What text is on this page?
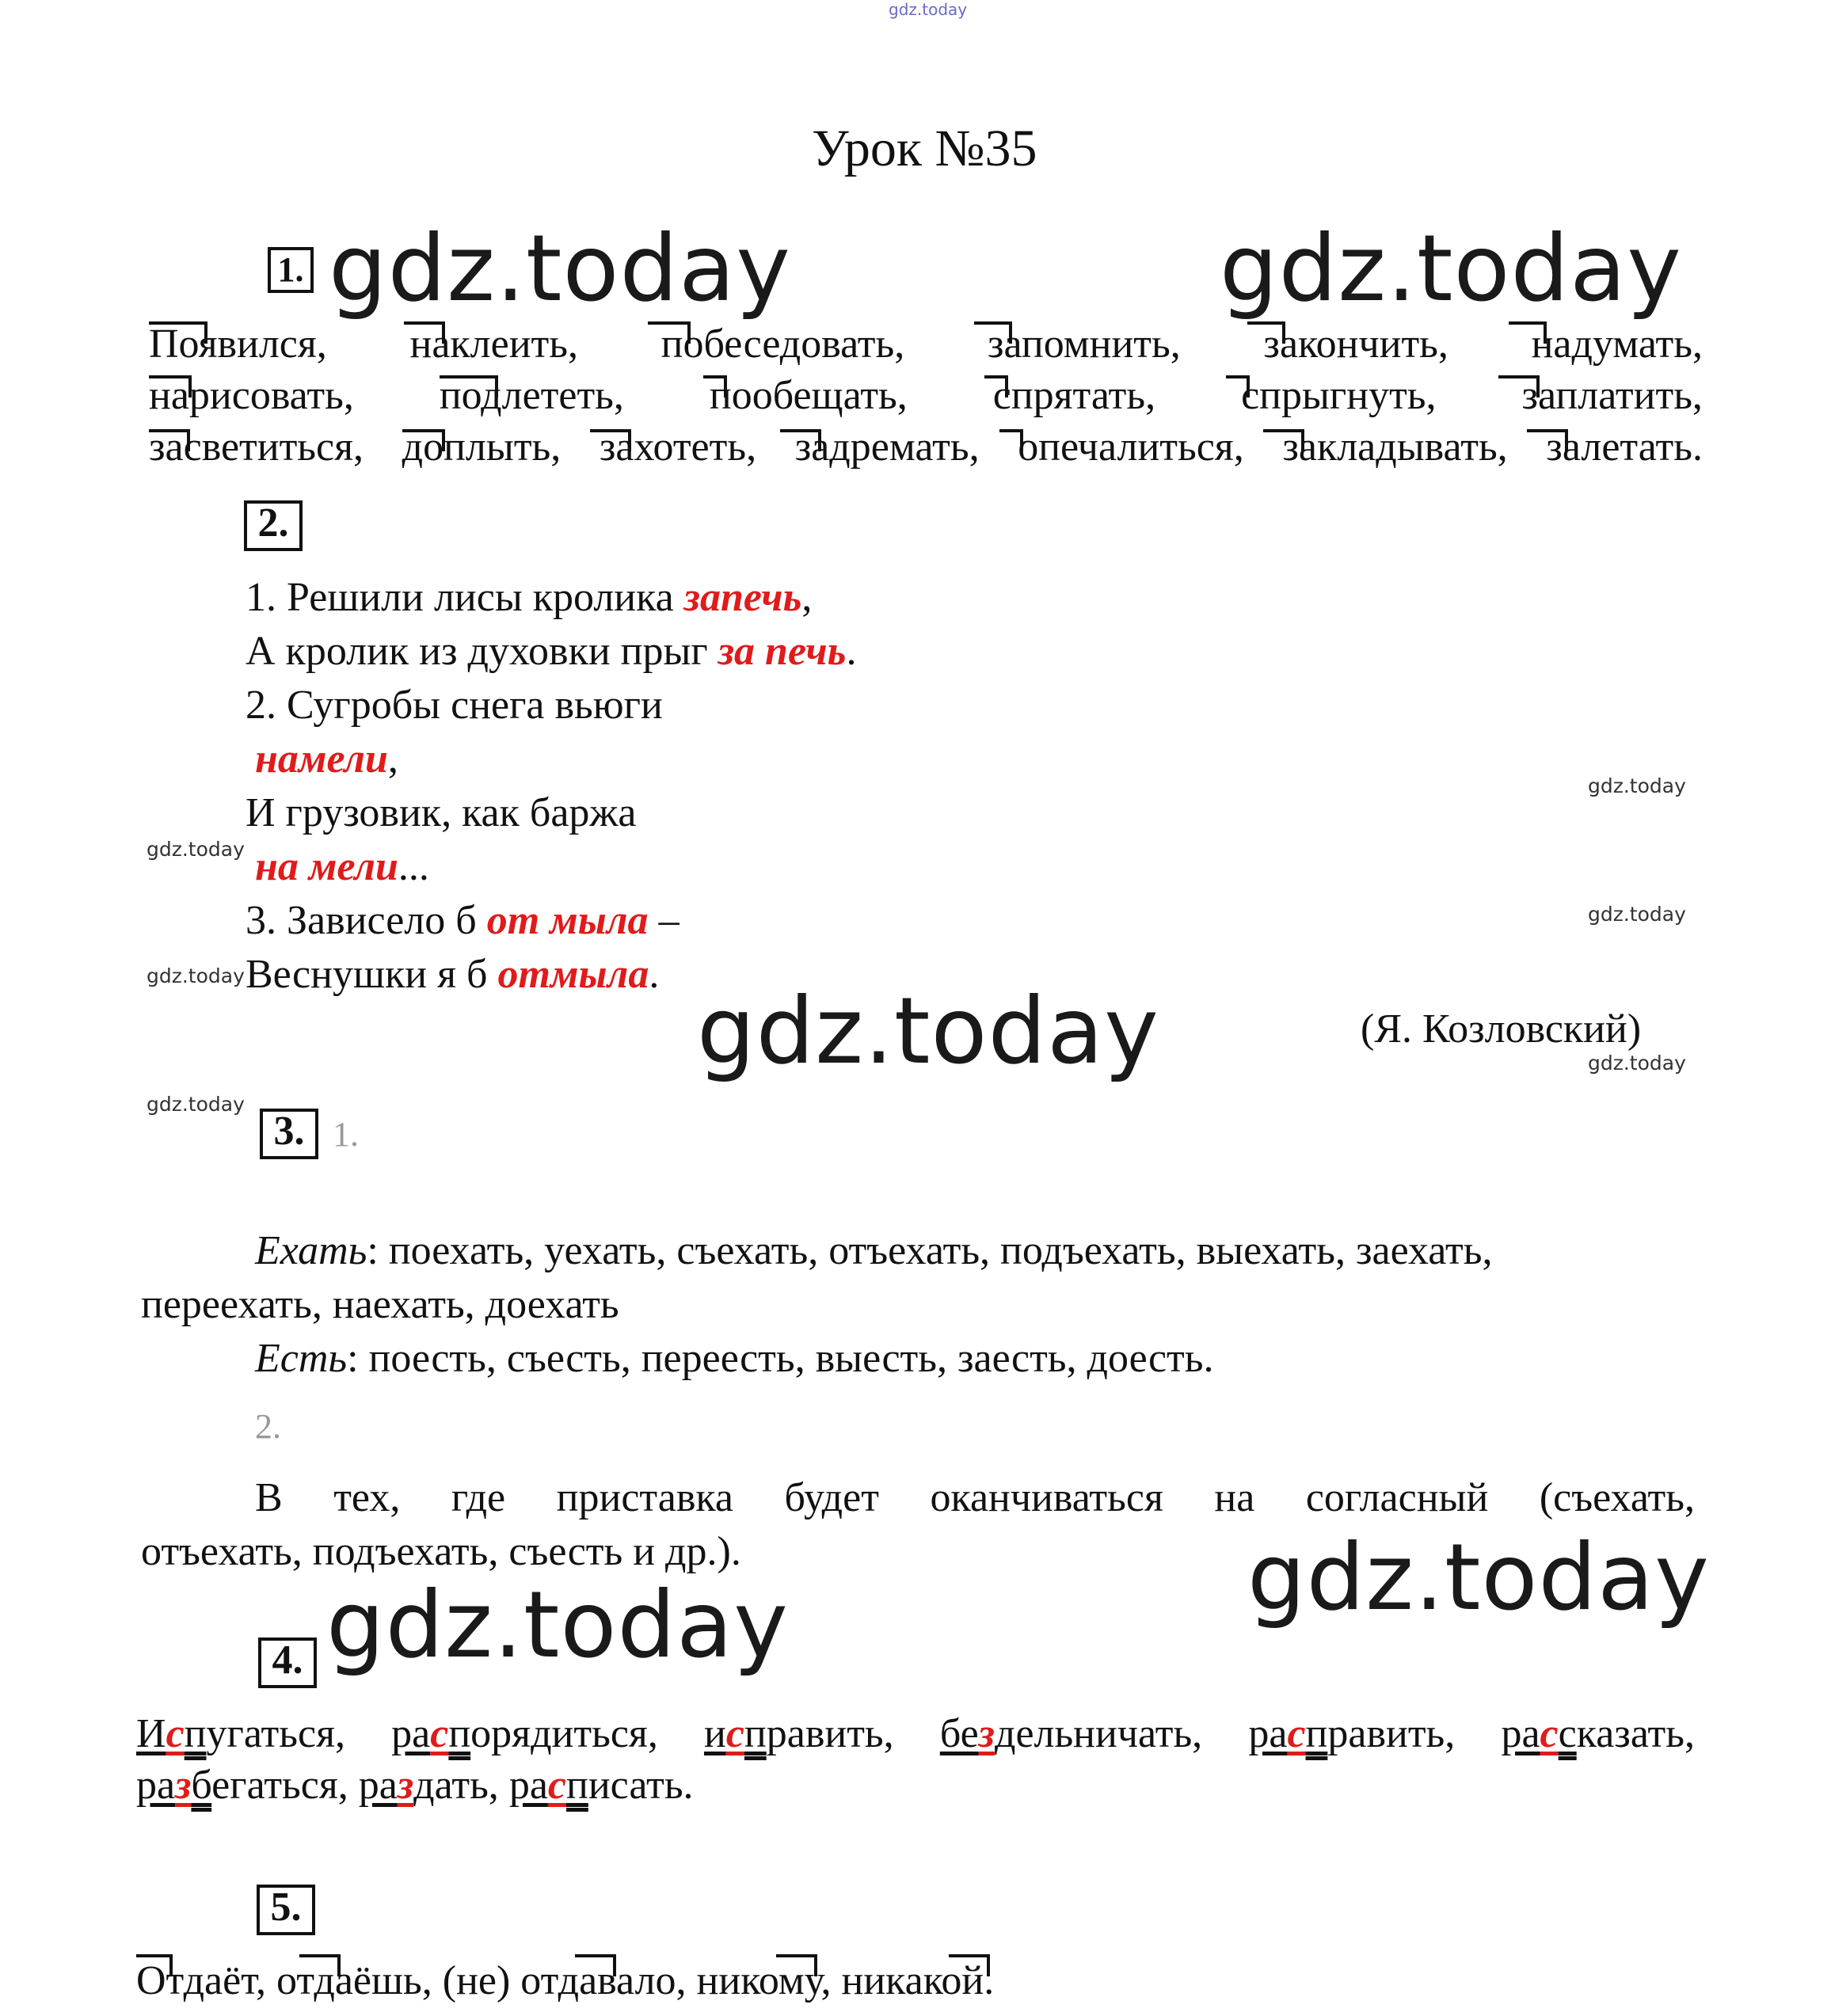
gdz.today
Урок №35
gdz.today	gdz.today
gdz.today
gdz.today
gdz.today
gdz.today
gdz.today
gdz.today
gdz.today
gdz.today
gdz.today
1.
Появился, наклеить, побеседовать, запомнить, закончить, надумать,
нарисовать, подлететь, пообещать, спрятать, спрыгнуть, заплатить,
засветиться, доплыть, захотеть, задремать, опечалиться, закладывать, залетать.
2.
1. Решили лисы кролика запечь,
А кролик из духовки прыг за печь.
2. Сугробы снега вьюги
намели,
И грузовик, как баржа
на мели...
3. Зависело б от мыла –
Веснушки я б отмыла.
(Я. Козловский)
3. 1.
Ехать: поехать, уехать, съехать, отъехать, подъехать, выехать, заехать,
переехать, наехать, доехать
Есть: поесть, съесть, переесть, выесть, заесть, доесть.
2.
В тех, где приставка будет оканчиваться на согласный (съехать,
отъехать, подъехать, съесть и др.).
4.
Испугаться, распорядиться, исправить, бездельничать, расправить, рассказать,
разбегаться, раздать, расписать.
5.
Отдаёт, отдаёшь, (не) отдавало, никому, никакой.
